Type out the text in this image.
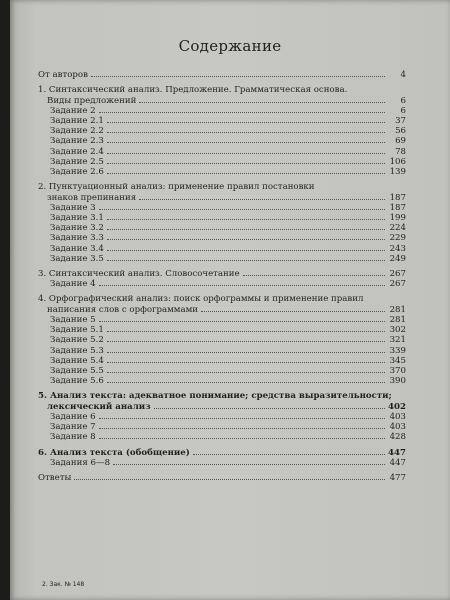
Содержание
От авторов	4
1. Синтаксический анализ. Предложение. Грамматическая основа.
Виды предложений	6
Задание 2	6
Задание 2.1	37
Задание 2.2	56
Задание 2.3	69
Задание 2.4	78
Задание 2.5	106
Задание 2.6	139
2. Пунктуационный анализ: применение правил постановки
знаков препинания	187
Задание 3	187
Задание 3.1	199
Задание 3.2	224
Задание 3.3	229
Задание 3.4	243
Задание 3.5	249
3. Синтаксический анализ. Словосочетание	267
Задание 4	267
4. Орфографический анализ: поиск орфограммы и применение правил
написания слов с орфограммами	281
Задание 5	281
Задание 5.1	302
Задание 5.2	321
Задание 5.3	339
Задание 5.4	345
Задание 5.5	370
Задание 5.6	390
5. Анализ текста: адекватное понимание; средства выразительности;
лексический анализ	402
Задание 6	403
Задание 7	403
Задание 8	428
6. Анализ текста (обобщение)	447
Задания 6—8	447
Ответы	477
2. Зак. № 148
